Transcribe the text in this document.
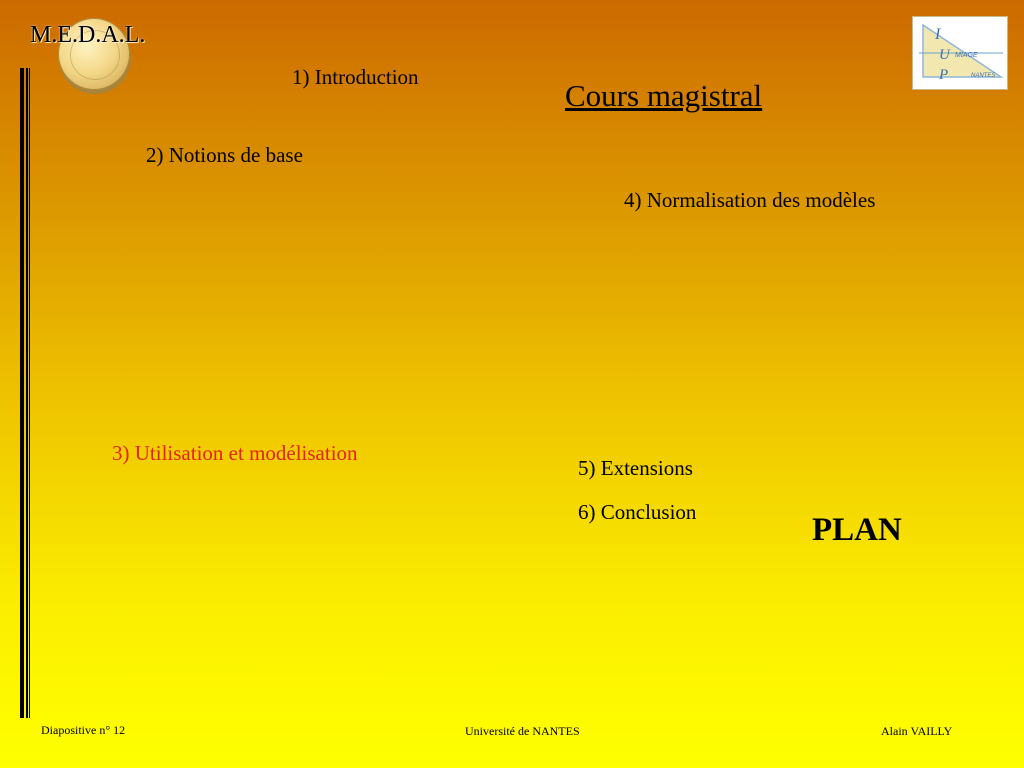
M.E.D.A.L.	I
U MIAGE
P	NANTES
Cours magistral
1) Introduction
2) Notions de base
3) Utilisation et modélisation
4) Normalisation des modèles
5) Extensions
6) Conclusion	PLAN
Diapositive n° 12	Université de NANTES	Alain VAILLY
